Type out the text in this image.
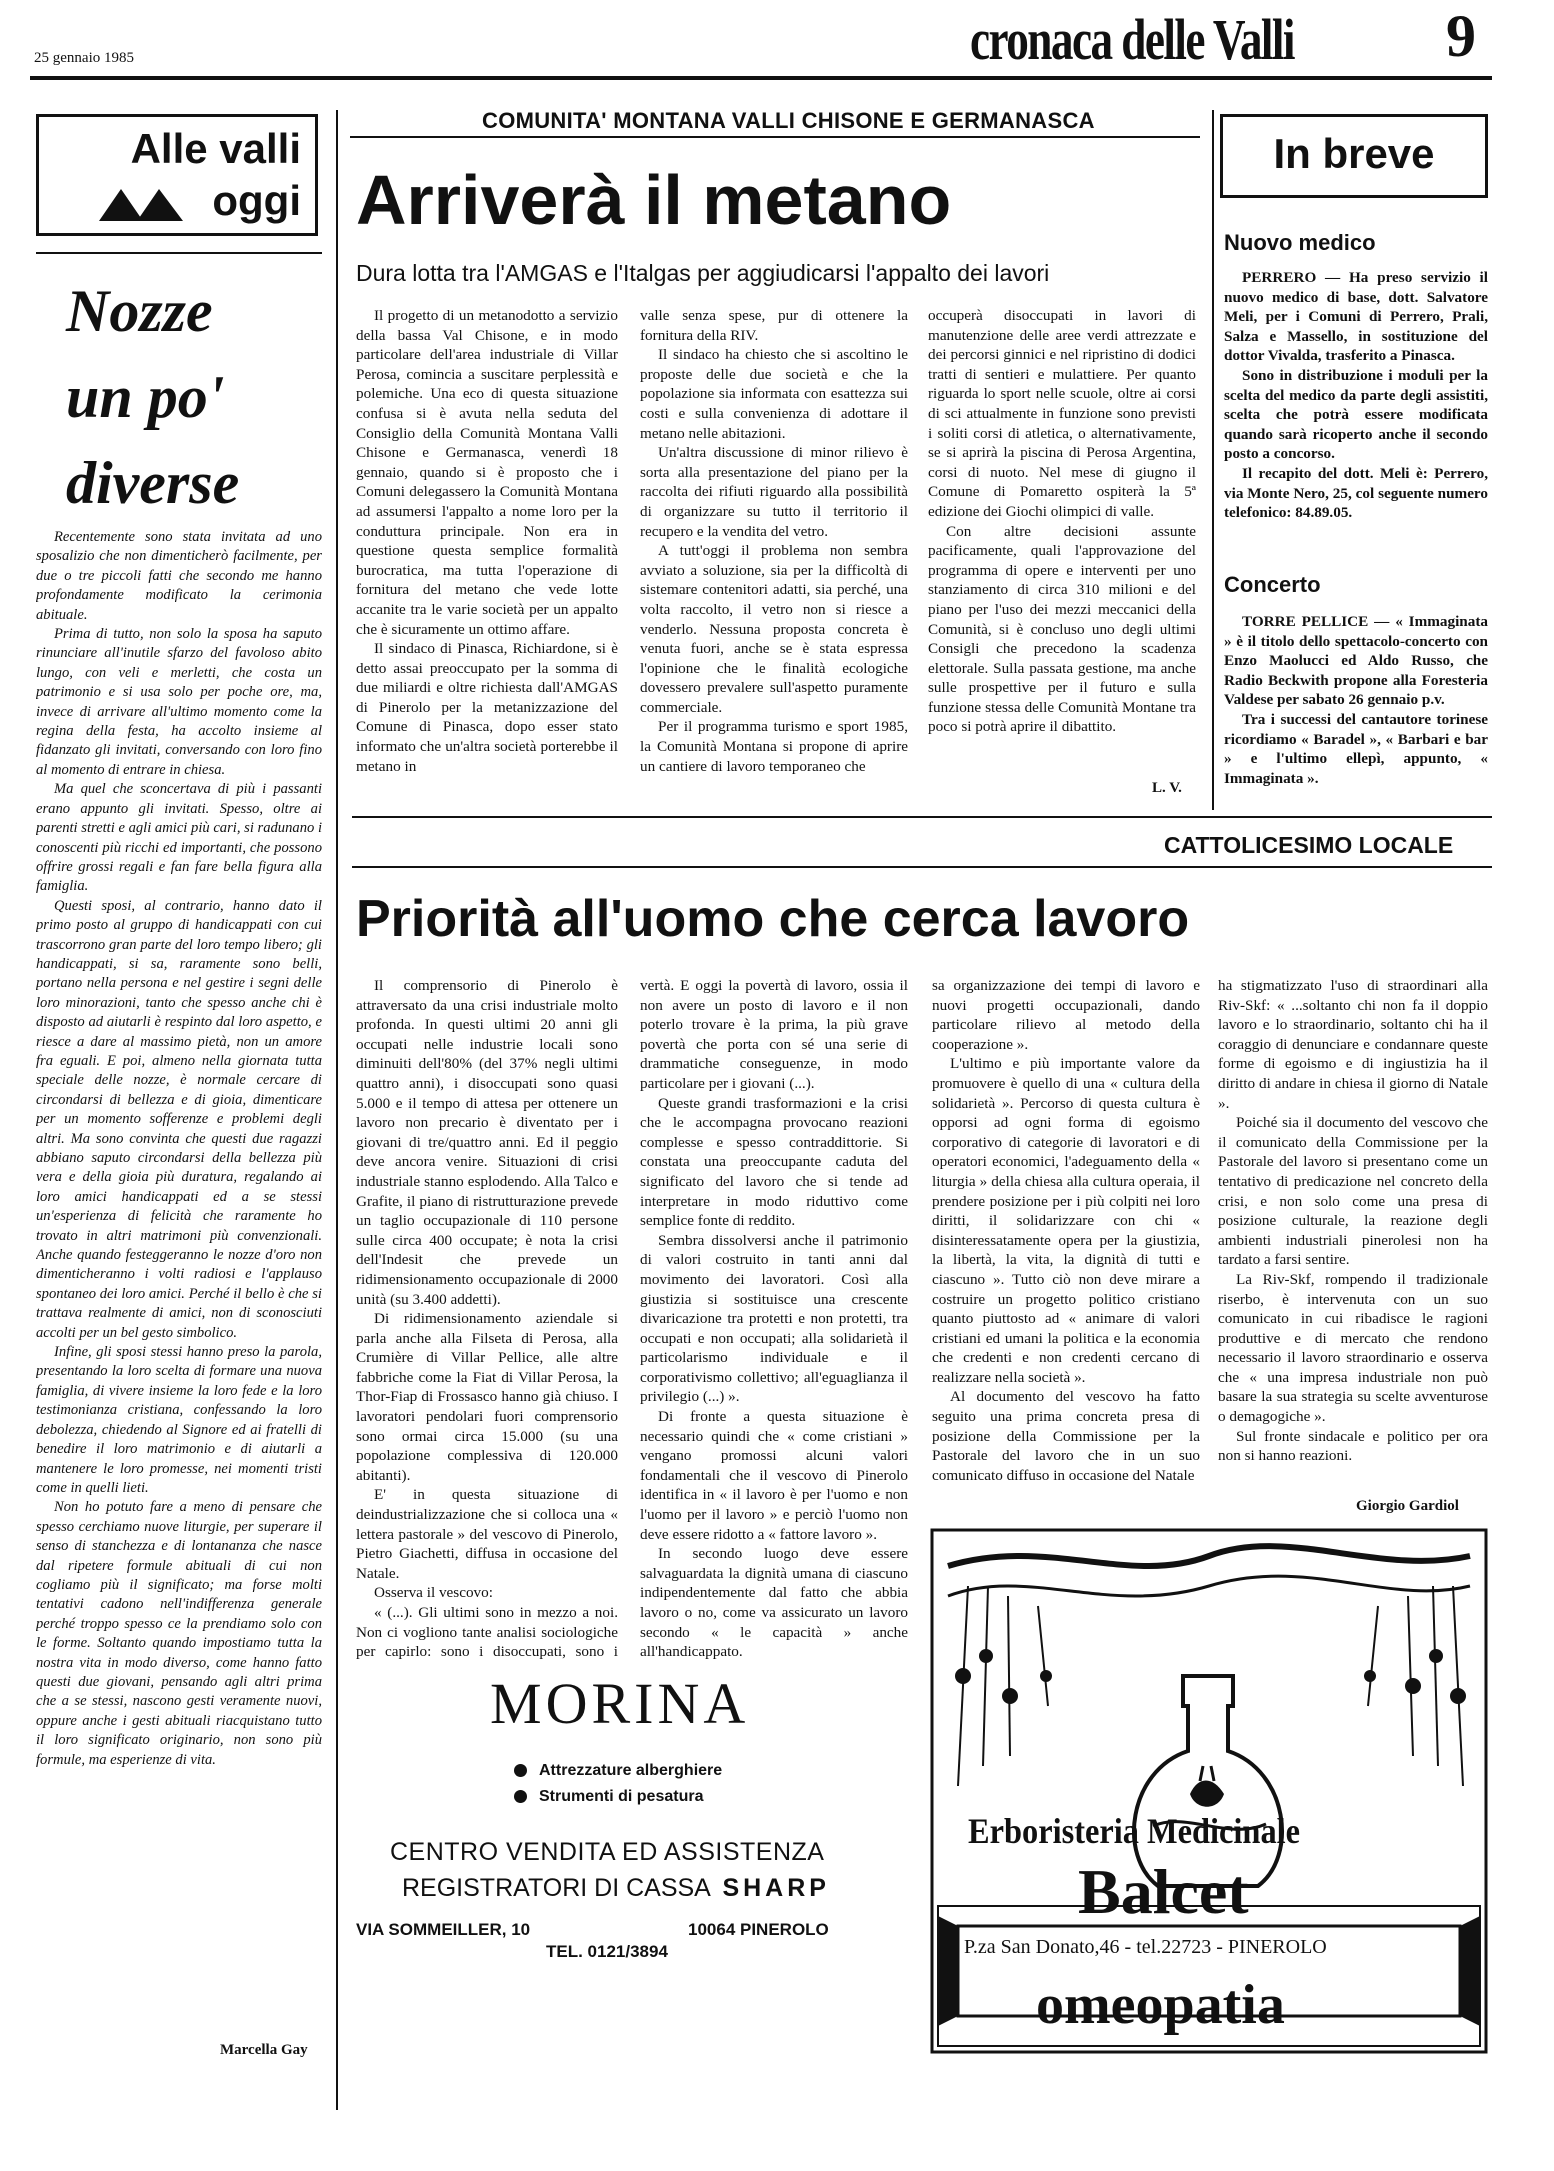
25 gennaio 1985	cronaca delle Valli	9
Alle valli
oggi
Nozze
un po'
diverse

Recentemente sono stata invitata ad uno sposalizio che non dimenticherò facilmente, per due o tre piccoli fatti che secondo me hanno profondamente modificato la cerimonia abituale.

Prima di tutto, non solo la sposa ha saputo rinunciare all'inutile sfarzo del favoloso abito lungo, con veli e merletti, che costa un patrimonio e si usa solo per poche ore, ma, invece di arrivare all'ultimo momento come la regina della festa, ha accolto insieme al fidanzato gli invitati, conversando con loro fino al momento di entrare in chiesa.

Ma quel che sconcertava di più i passanti erano appunto gli invitati. Spesso, oltre ai parenti stretti e agli amici più cari, si radunano i conoscenti più ricchi ed importanti, che possono offrire grossi regali e fan fare bella figura alla famiglia.

Questi sposi, al contrario, hanno dato il primo posto al gruppo di handicappati con cui trascorrono gran parte del loro tempo libero; gli handicappati, si sa, raramente sono belli, portano nella persona e nel gestire i segni delle loro minorazioni, tanto che spesso anche chi è disposto ad aiutarli è respinto dal loro aspetto, e riesce a dare al massimo pietà, non un amore fra eguali. E poi, almeno nella giornata tutta speciale delle nozze, è normale cercare di circondarsi di bellezza e di gioia, dimenticare per un momento sofferenze e problemi degli altri. Ma sono convinta che questi due ragazzi abbiano saputo circondarsi della bellezza più vera e della gioia più duratura, regalando ai loro amici handicappati ed a se stessi un'esperienza di felicità che raramente ho trovato in altri matrimoni più convenzionali. Anche quando festeggeranno le nozze d'oro non dimenticheranno i volti radiosi e l'applauso spontaneo dei loro amici. Perché il bello è che si trattava realmente di amici, non di sconosciuti accolti per un bel gesto simbolico.

Infine, gli sposi stessi hanno preso la parola, presentando la loro scelta di formare una nuova famiglia, di vivere insieme la loro fede e la loro testimonianza cristiana, confessando la loro debolezza, chiedendo al Signore ed ai fratelli di benedire il loro matrimonio e di aiutarli a mantenere le loro promesse, nei momenti tristi come in quelli lieti.

Non ho potuto fare a meno di pensare che spesso cerchiamo nuove liturgie, per superare il senso di stanchezza e di lontananza che nasce dal ripetere formule abituali di cui non cogliamo più il significato; ma forse molti tentativi cadono nell'indifferenza generale perché troppo spesso ce la prendiamo solo con le forme. Soltanto quando impostiamo tutta la nostra vita in modo diverso, come hanno fatto questi due giovani, pensando agli altri prima che a se stessi, nascono gesti veramente nuovi, oppure anche i gesti abituali riacquistano tutto il loro significato originario, non sono più formule, ma esperienze di vita.

Marcella Gay
COMUNITA' MONTANA VALLI CHISONE E GERMANASCA
Arriverà il metano
Dura lotta tra l'AMGAS e l'Italgas per aggiudicarsi l'appalto dei lavori

Il progetto di un metanodotto a servizio della bassa Val Chisone, e in modo particolare dell'area industriale di Villar Perosa, comincia a suscitare perplessità e polemiche. Una eco di questa situazione confusa si è avuta nella seduta del Consiglio della Comunità Montana Valli Chisone e Germanasca, venerdì 18 gennaio, quando si è proposto che i Comuni delegassero la Comunità Montana ad assumersi l'appalto a nome loro per la conduttura principale. Non era in questione questa semplice formalità burocratica, ma tutta l'operazione di fornitura del metano che vede lotte accanite tra le varie società per un appalto che è sicuramente un ottimo affare.

Il sindaco di Pinasca, Richiardone, si è detto assai preoccupato per la somma di due miliardi e oltre richiesta dall'AMGAS di Pinerolo per la metanizzazione del Comune di Pinasca, dopo esser stato informato che un'altra società porterebbe il metano in

valle senza spese, pur di ottenere la fornitura della RIV.

Il sindaco ha chiesto che si ascoltino le proposte delle due società e che la popolazione sia informata con esattezza sui costi e sulla convenienza di adottare il metano nelle abitazioni.

Un'altra discussione di minor rilievo è sorta alla presentazione del piano per la raccolta dei rifiuti riguardo alla possibilità di organizzare su tutto il territorio il recupero e la vendita del vetro.

A tutt'oggi il problema non sembra avviato a soluzione, sia per la difficoltà di sistemare contenitori adatti, sia perché, una volta raccolto, il vetro non si riesce a venderlo. Nessuna proposta concreta è venuta fuori, anche se è stata espressa l'opinione che le finalità ecologiche dovessero prevalere sull'aspetto puramente commerciale.

Per il programma turismo e sport 1985, la Comunità Montana si propone di aprire un cantiere di lavoro temporaneo che

occuperà disoccupati in lavori di manutenzione delle aree verdi attrezzate e dei percorsi ginnici e nel ripristino di dodici tratti di sentieri e mulattiere. Per quanto riguarda lo sport nelle scuole, oltre ai corsi di sci attualmente in funzione sono previsti i soliti corsi di atletica, o alternativamente, se si aprirà la piscina di Perosa Argentina, corsi di nuoto. Nel mese di giugno il Comune di Pomaretto ospiterà la 5ª edizione dei Giochi olimpici di valle.

Con altre decisioni assunte pacificamente, quali l'approvazione del programma di opere e interventi per uno stanziamento di circa 310 milioni e del piano per l'uso dei mezzi meccanici della Comunità, si è concluso uno degli ultimi Consigli che precedono la scadenza elettorale. Sulla passata gestione, ma anche sulle prospettive per il futuro e sulla funzione stessa delle Comunità Montane tra poco si potrà aprire il dibattito.

L. V.
In breve
Nuovo medico

PERRERO — Ha preso servizio il nuovo medico di base, dott. Salvatore Meli, per i Comuni di Perrero, Prali, Salza e Massello, in sostituzione del dottor Vivalda, trasferito a Pinasca.

Sono in distribuzione i moduli per la scelta del medico da parte degli assistiti, scelta che potrà essere modificata quando sarà ricoperto anche il secondo posto a concorso.

Il recapito del dott. Meli è: Perrero, via Monte Nero, 25, col seguente numero telefonico: 84.89.05.

Concerto

TORRE PELLICE — « Immaginata » è il titolo dello spettacolo-concerto con Enzo Maolucci ed Aldo Russo, che Radio Beckwith propone alla Foresteria Valdese per sabato 26 gennaio p.v.

Tra i successi del cantautore torinese ricordiamo « Baradel », « Barbari e bar » e l'ultimo ellepì, appunto, « Immaginata ».

CATTOLICESIMO LOCALE
Priorità all'uomo che cerca lavoro

Il comprensorio di Pinerolo è attraversato da una crisi industriale molto profonda. In questi ultimi 20 anni gli occupati nelle industrie locali sono diminuiti dell'80% (del 37% negli ultimi quattro anni), i disoccupati sono quasi 5.000 e il tempo di attesa per ottenere un lavoro non precario è diventato per i giovani di tre/quattro anni. Ed il peggio deve ancora venire. Situazioni di crisi industriale stanno esplodendo. Alla Talco e Grafite, il piano di ristrutturazione prevede un taglio occupazionale di 110 persone sulle circa 400 occupate; è nota la crisi dell'Indesit che prevede un ridimensionamento occupazionale di 2000 unità (su 3.400 addetti).

Di ridimensionamento aziendale si parla anche alla Filseta di Perosa, alla Crumière di Villar Pellice, alle altre fabbriche come la Fiat di Villar Perosa, la Thor-Fiap di Frossasco hanno già chiuso. I lavoratori pendolari fuori comprensorio sono ormai circa 15.000 (su una popolazione complessiva di 120.000 abitanti).

E' in questa situazione di deindustrializzazione che si colloca una « lettera pastorale » del vescovo di Pinerolo, Pietro Giachetti, diffusa in occasione del Natale.

Osserva il vescovo:

« (...). Gli ultimi sono in mezzo a noi. Non ci vogliono tante analisi sociologiche per capirlo: sono i disoccupati, sono i

vertà. E oggi la povertà di lavoro, ossia il non avere un posto di lavoro e il non poterlo trovare è la prima, la più grave povertà che porta con sé una serie di drammatiche conseguenze, in modo particolare per i giovani (...).

Queste grandi trasformazioni e la crisi che le accompagna provocano reazioni complesse e spesso contraddittorie. Si constata una preoccupante caduta del significato del lavoro che si tende ad interpretare in modo riduttivo come semplice fonte di reddito.

Sembra dissolversi anche il patrimonio di valori costruito in tanti anni dal movimento dei lavoratori. Così alla giustizia si sostituisce una crescente divaricazione tra protetti e non protetti, tra occupati e non occupati; alla solidarietà il particolarismo individuale e il corporativismo collettivo; all'eguaglianza il privilegio (...) ».

Di fronte a questa situazione è necessario quindi che « come cristiani » vengano promossi alcuni valori fondamentali che il vescovo di Pinerolo identifica in « il lavoro è per l'uomo e non l'uomo per il lavoro » e perciò l'uomo non deve essere ridotto a « fattore lavoro ».

In secondo luogo deve essere salvaguardata la dignità umana di ciascuno indipendentemente dal fatto che abbia lavoro o no, come va assicurato un lavoro secondo « le capacità » anche all'handicappato.

sa organizzazione dei tempi di lavoro e nuovi progetti occupazionali, dando particolare rilievo al metodo della cooperazione ».

L'ultimo e più importante valore da promuovere è quello di una « cultura della solidarietà ». Percorso di questa cultura è opporsi ad ogni forma di egoismo corporativo di categorie di lavoratori e di operatori economici, l'adeguamento della « liturgia » della chiesa alla cultura operaia, il prendere posizione per i più colpiti nei loro diritti, il solidarizzare con chi « disinteressatamente opera per la giustizia, la libertà, la vita, la dignità di tutti e ciascuno ». Tutto ciò non deve mirare a costruire un progetto politico cristiano quanto piuttosto ad « animare di valori cristiani ed umani la politica e la economia che credenti e non credenti cercano di realizzare nella società ».

Al documento del vescovo ha fatto seguito una prima concreta presa di posizione della Commissione per la Pastorale del lavoro che in un suo comunicato diffuso in occasione del Natale

ha stigmatizzato l'uso di straordinari alla Riv-Skf: « ...soltanto chi non fa il doppio lavoro e lo straordinario, soltanto chi ha il coraggio di denunciare e condannare queste forme di egoismo e di ingiustizia ha il diritto di andare in chiesa il giorno di Natale ».

Poiché sia il documento del vescovo che il comunicato della Commissione per la Pastorale del lavoro si presentano come un tentativo di predicazione nel concreto della crisi, e non solo come una presa di posizione culturale, la reazione degli ambienti industriali pinerolesi non ha tardato a farsi sentire.

La Riv-Skf, rompendo il tradizionale riserbo, è intervenuta con un suo comunicato in cui ribadisce le ragioni produttive e di mercato che rendono necessario il lavoro straordinario e osserva che « una impresa industriale non può basare la sua strategia su scelte avventurose o demagogiche ».

Sul fronte sindacale e politico per ora non si hanno reazioni.

Giorgio Gardiol
MORINA
Attrezzature alberghiere
Strumenti di pesatura
CENTRO VENDITA ED ASSISTENZA
REGISTRATORI DI CASSA SHARP
VIA SOMMEILLER, 10	10064 PINEROLO
TEL. 0121/3894
Erboristeria Medicinale
Balcet
P.za San Donato,46 - tel.22723 - PINEROLO
omeopatia
